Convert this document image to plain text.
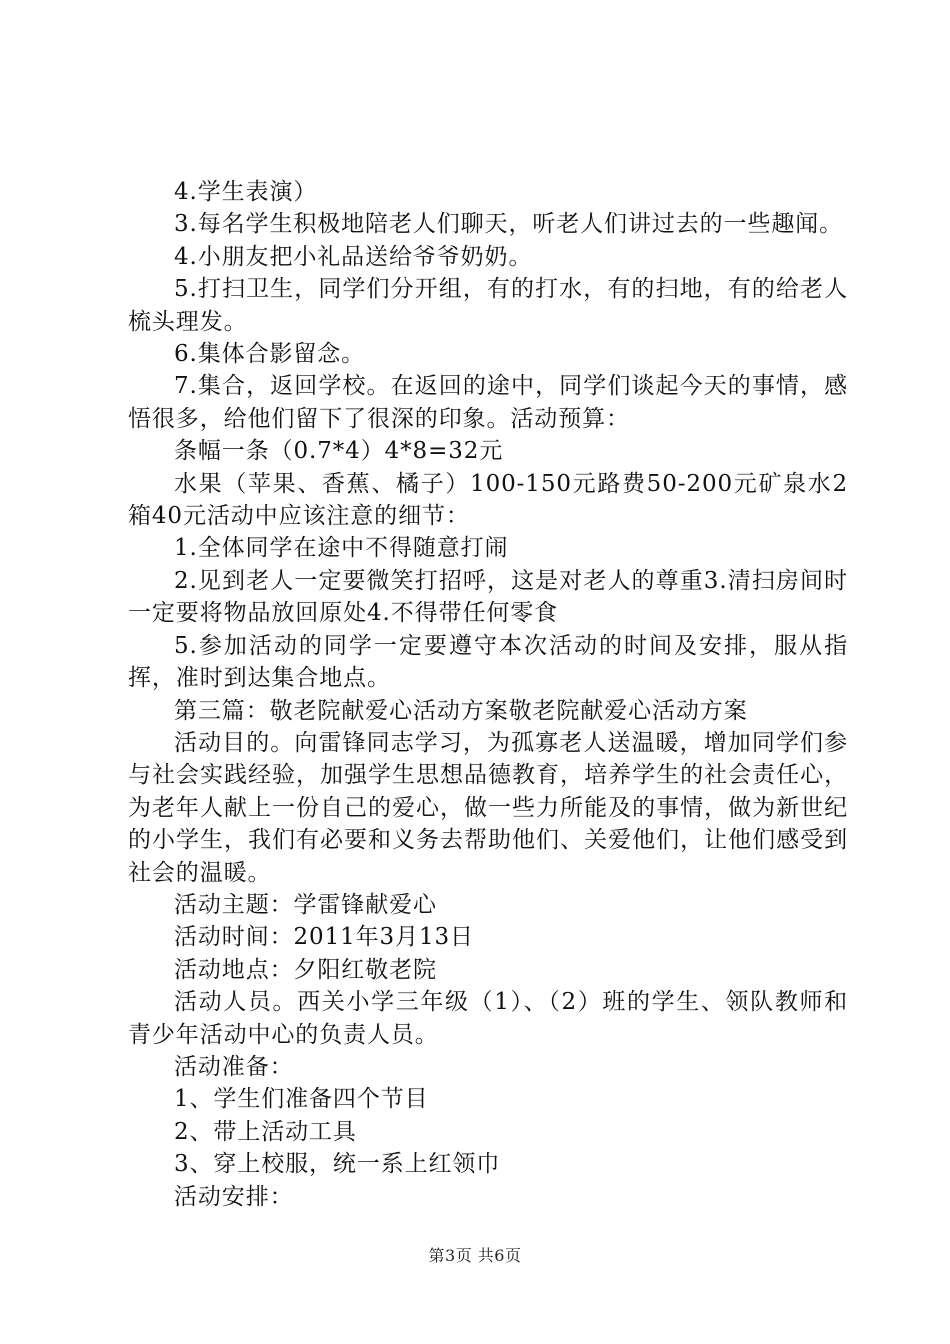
4.学生表演）

3.每名学生积极地陪老人们聊天，听老人们讲过去的一些趣闻。

4.小朋友把小礼品送给爷爷奶奶。

5.打扫卫生，同学们分开组，有的打水，有的扫地，有的给老人梳头理发。

6.集体合影留念。

7.集合，返回学校。在返回的途中，同学们谈起今天的事情，感悟很多，给他们留下了很深的印象。活动预算：

条幅一条（0.7*4）4*8=32元

水果（苹果、香蕉、橘子）100-150元路费50-200元矿泉水2箱40元活动中应该注意的细节：

1.全体同学在途中不得随意打闹

2.见到老人一定要微笑打招呼，这是对老人的尊重3.清扫房间时一定要将物品放回原处4.不得带任何零食

5.参加活动的同学一定要遵守本次活动的时间及安排，服从指挥，准时到达集合地点。

第三篇：敬老院献爱心活动方案敬老院献爱心活动方案

活动目的。向雷锋同志学习，为孤寡老人送温暖，增加同学们参与社会实践经验，加强学生思想品德教育，培养学生的社会责任心，为老年人献上一份自己的爱心，做一些力所能及的事情，做为新世纪的小学生，我们有必要和义务去帮助他们、关爱他们，让他们感受到社会的温暖。

活动主题：学雷锋献爱心

活动时间：2011年3月13日

活动地点：夕阳红敬老院

活动人员。西关小学三年级（1）、（2）班的学生、领队教师和青少年活动中心的负责人员。

活动准备：

1、学生们准备四个节目

2、带上活动工具

3、穿上校服，统一系上红领巾

活动安排：

第3页 共6页
